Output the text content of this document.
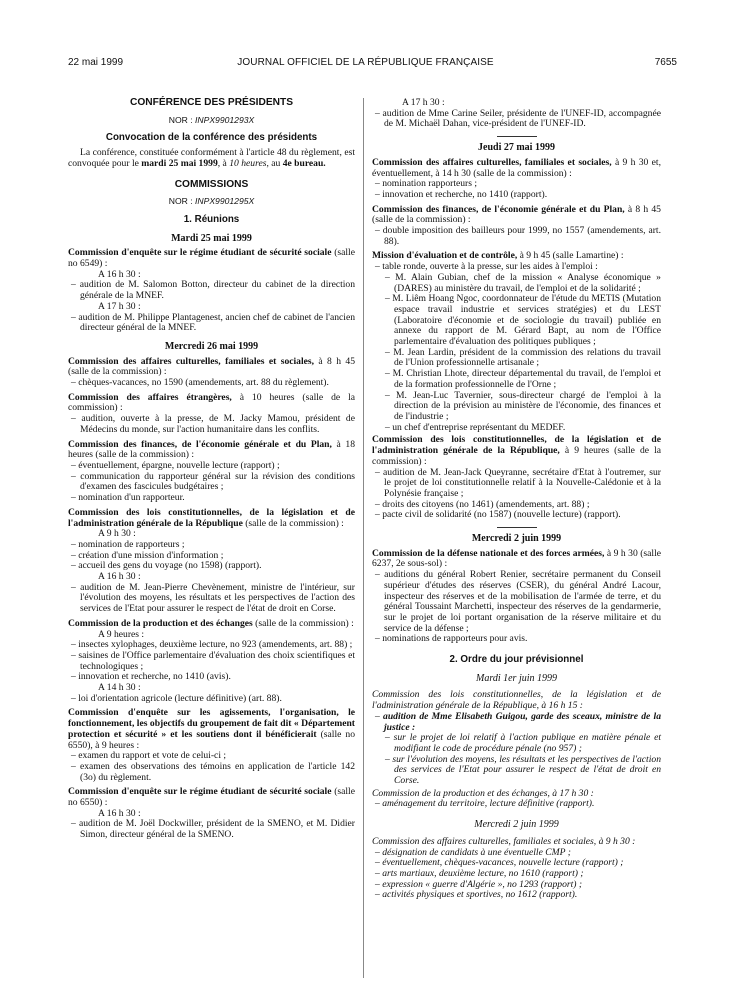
22 mai 1999	JOURNAL OFFICIEL DE LA RÉPUBLIQUE FRANÇAISE	7655

CONFÉRENCE DES PRÉSIDENTS

NOR : INPX9901293X

Convocation de la conférence des présidents

La conférence, constituée conformément à l'article 48 du règlement, est convoquée pour le mardi 25 mai 1999, à 10 heures, au 4e bureau.

COMMISSIONS

NOR : INPX9901295X

1. Réunions

Mardi 25 mai 1999

Commission d'enquête sur le régime étudiant de sécurité sociale (salle no 6549) :

A 16 h 30 :

– audition de M. Salomon Botton, directeur du cabinet de la direction générale de la MNEF.

A 17 h 30 :

– audition de M. Philippe Plantagenest, ancien chef de cabinet de l'ancien directeur général de la MNEF.

Mercredi 26 mai 1999

Commission des affaires culturelles, familiales et sociales, à 8 h 45 (salle de la commission) :

– chèques-vacances, no 1590 (amendements, art. 88 du règlement).

Commission des affaires étrangères, à 10 heures (salle de la commission) :

– audition, ouverte à la presse, de M. Jacky Mamou, président de Médecins du monde, sur l'action humanitaire dans les conflits.

Commission des finances, de l'économie générale et du Plan, à 18 heures (salle de la commission) :

– éventuellement, épargne, nouvelle lecture (rapport) ;
– communication du rapporteur général sur la révision des conditions d'examen des fascicules budgétaires ;
– nomination d'un rapporteur.

Commission des lois constitutionnelles, de la législation et de l'administration générale de la République (salle de la commission) :

A 9 h 30 :

– nomination de rapporteurs ;
– création d'une mission d'information ;
– accueil des gens du voyage (no 1598) (rapport).

A 16 h 30 :

– audition de M. Jean-Pierre Chevènement, ministre de l'intérieur, sur l'évolution des moyens, les résultats et les perspectives de l'action des services de l'Etat pour assurer le respect de l'état de droit en Corse.

Commission de la production et des échanges (salle de la commission) :

A 9 heures :

– insectes xylophages, deuxième lecture, no 923 (amendements, art. 88) ;
– saisines de l'Office parlementaire d'évaluation des choix scientifiques et technologiques ;
– innovation et recherche, no 1410 (avis).

A 14 h 30 :

– loi d'orientation agricole (lecture définitive) (art. 88).

Commission d'enquête sur les agissements, l'organisation, le fonctionnement, les objectifs du groupement de fait dit « Département protection et sécurité » et les soutiens dont il bénéficierait (salle no 6550), à 9 heures :

– examen du rapport et vote de celui-ci ;
– examen des observations des témoins en application de l'article 142 (3o) du règlement.

Commission d'enquête sur le régime étudiant de sécurité sociale (salle no 6550) :

A 16 h 30 :

– audition de M. Joël Dockwiller, président de la SMENO, et M. Didier Simon, directeur général de la SMENO.

A 17 h 30 :

– audition de Mme Carine Seiler, présidente de l'UNEF-ID, accompagnée de M. Michaël Dahan, vice-président de l'UNEF-ID.

Jeudi 27 mai 1999

Commission des affaires culturelles, familiales et sociales, à 9 h 30 et, éventuellement, à 14 h 30 (salle de la commission) :

– nomination rapporteurs ;
– innovation et recherche, no 1410 (rapport).

Commission des finances, de l'économie générale et du Plan, à 8 h 45 (salle de la commission) :

– double imposition des bailleurs pour 1999, no 1557 (amendements, art. 88).

Mission d'évaluation et de contrôle, à 9 h 45 (salle Lamartine) :

– table ronde, ouverte à la presse, sur les aides à l'emploi :
– M. Alain Gubian, chef de la mission « Analyse économique » (DARES) au ministère du travail, de l'emploi et de la solidarité ;
– M. Liêm Hoang Ngoc, coordonnateur de l'étude du METIS (Mutation espace travail industrie et services stratégies) et du LEST (Laboratoire d'économie et de sociologie du travail) publiée en annexe du rapport de M. Gérard Bapt, au nom de l'Office parlementaire d'évaluation des politiques publiques ;
– M. Jean Lardin, président de la commission des relations du travail de l'Union professionnelle artisanale ;
– M. Christian Lhote, directeur départemental du travail, de l'emploi et de la formation professionnelle de l'Orne ;
– M. Jean-Luc Tavernier, sous-directeur chargé de l'emploi à la direction de la prévision au ministère de l'économie, des finances et de l'industrie ;
– un chef d'entreprise représentant du MEDEF.

Commission des lois constitutionnelles, de la législation et de l'administration générale de la République, à 9 heures (salle de la commission) :

– audition de M. Jean-Jack Queyranne, secrétaire d'Etat à l'outremer, sur le projet de loi constitutionnelle relatif à la Nouvelle-Calédonie et à la Polynésie française ;
– droits des citoyens (no 1461) (amendements, art. 88) ;
– pacte civil de solidarité (no 1587) (nouvelle lecture) (rapport).

Mercredi 2 juin 1999

Commission de la défense nationale et des forces armées, à 9 h 30 (salle 6237, 2e sous-sol) :

– auditions du général Robert Renier, secrétaire permanent du Conseil supérieur d'études des réserves (CSER), du général André Lacour, inspecteur des réserves et de la mobilisation de l'armée de terre, et du général Toussaint Marchetti, inspecteur des réserves de la gendarmerie, sur le projet de loi portant organisation de la réserve militaire et du service de la défense ;
– nominations de rapporteurs pour avis.

2. Ordre du jour prévisionnel

Mardi 1er juin 1999

Commission des lois constitutionnelles, de la législation et de l'administration générale de la République, à 16 h 15 :

– audition de Mme Elisabeth Guigou, garde des sceaux, ministre de la justice :
– sur le projet de loi relatif à l'action publique en matière pénale et modifiant le code de procédure pénale (no 957) ;
– sur l'évolution des moyens, les résultats et les perspectives de l'action des services de l'Etat pour assurer le respect de l'état de droit en Corse.

Commission de la production et des échanges, à 17 h 30 :

– aménagement du territoire, lecture définitive (rapport).

Mercredi 2 juin 1999

Commission des affaires culturelles, familiales et sociales, à 9 h 30 :

– désignation de candidats à une éventuelle CMP ;
– éventuellement, chèques-vacances, nouvelle lecture (rapport) ;
– arts martiaux, deuxième lecture, no 1610 (rapport) ;
– expression « guerre d'Algérie », no 1293 (rapport) ;
– activités physiques et sportives, no 1612 (rapport).
